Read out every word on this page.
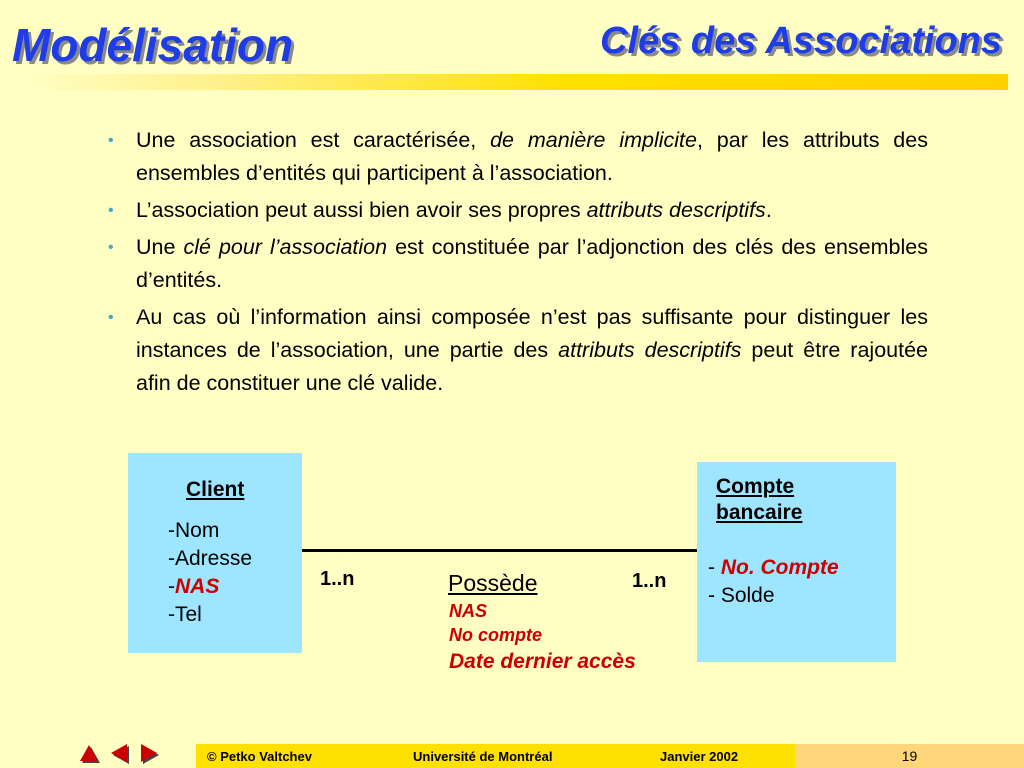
Modélisation	Clés des Associations
• Une association est caractérisée, de manière implicite, par les attributs des ensembles d’entités qui participent à l’association.
• L’association peut aussi bien avoir ses propres attributs descriptifs.
• Une clé pour l’association est constituée par l’adjonction des clés des ensembles d’entités.
• Au cas où l’information ainsi composée n’est pas suffisante pour distinguer les instances de l’association, une partie des attributs descriptifs peut être rajoutée afin de constituer une clé valide.
Client
-Nom
-Adresse
-NAS
-Tel
1..n	1..n
Possède
NAS
No compte
Date dernier accès
Compte
bancaire
- No. Compte
- Solde
© Petko Valtchev	Université de Montréal	Janvier 2002	19
